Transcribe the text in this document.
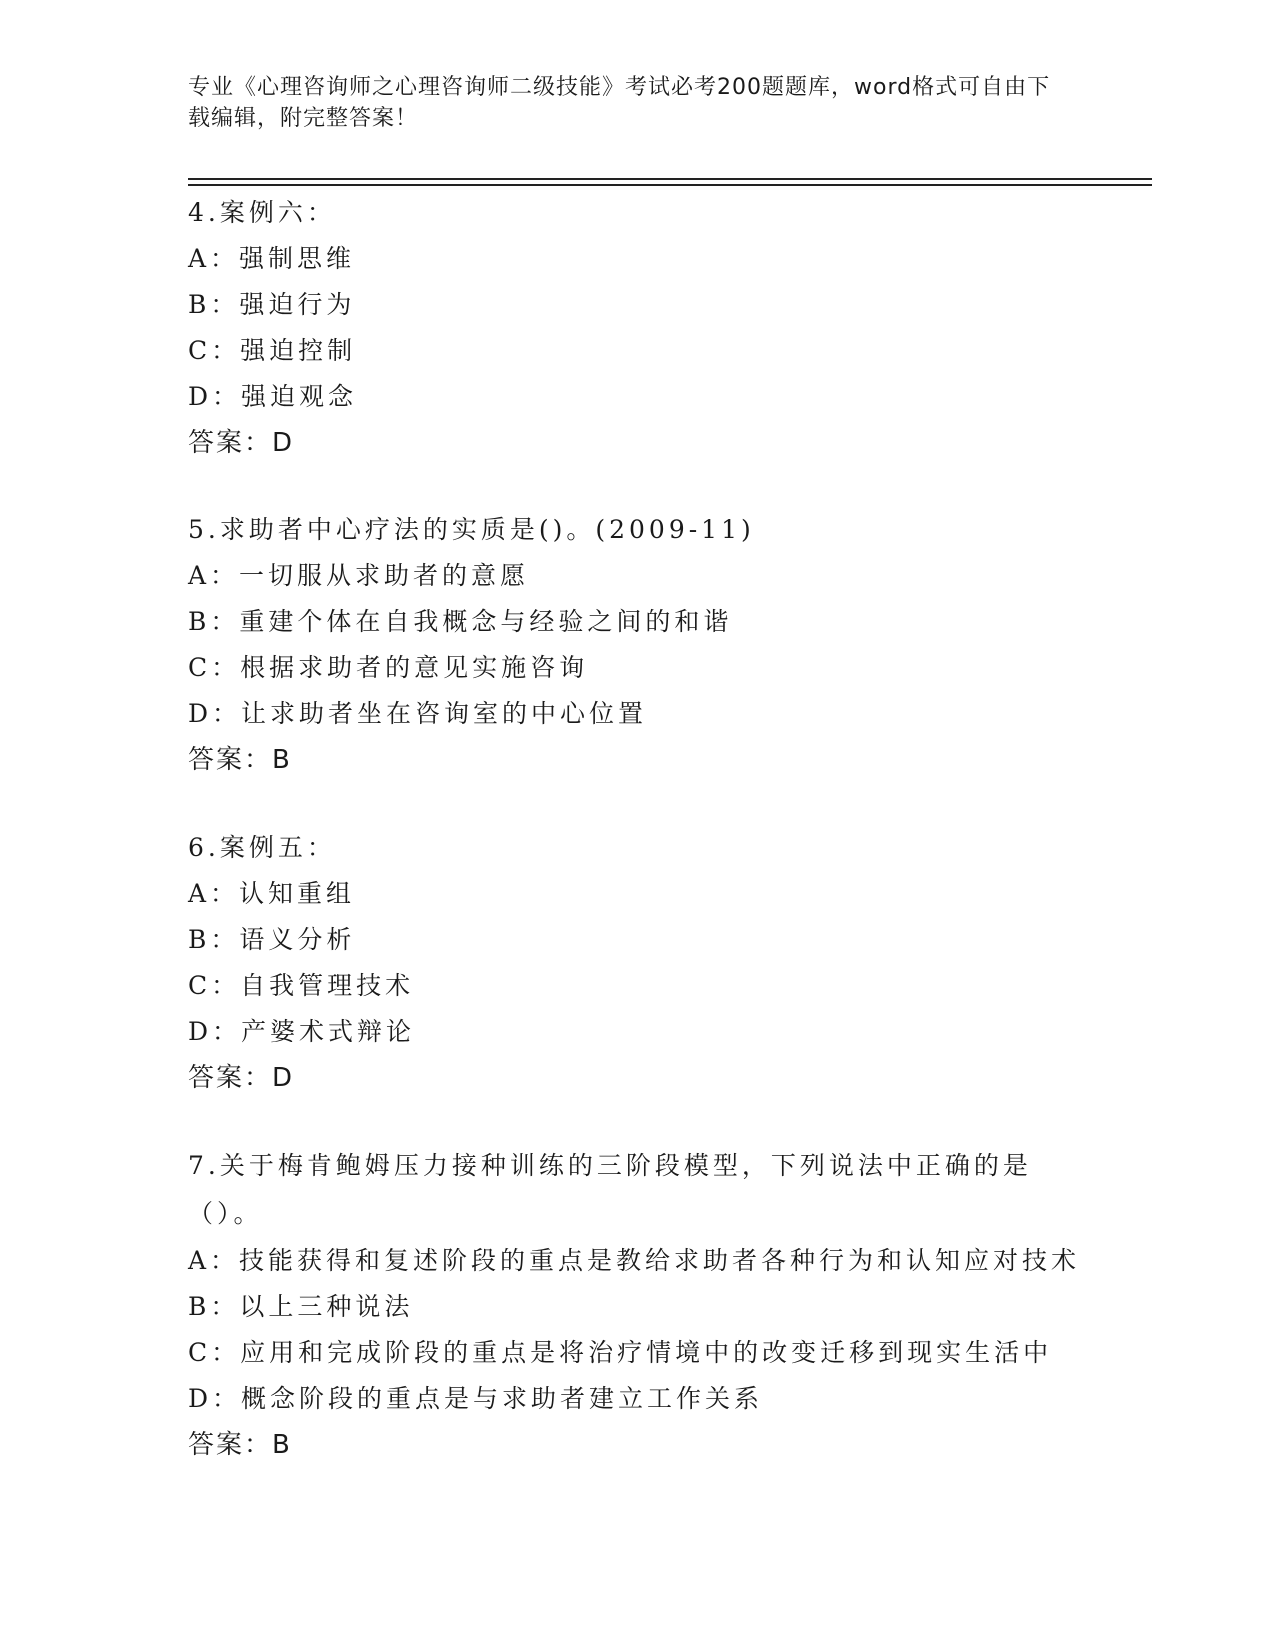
专业《心理咨询师之心理咨询师二级技能》考试必考200题题库，word格式可自由下载编辑，附完整答案！
4.案例六：
A：强制思维
B：强迫行为
C：强迫控制
D：强迫观念
答案：D
5.求助者中心疗法的实质是()。(2009-11)
A：一切服从求助者的意愿
B：重建个体在自我概念与经验之间的和谐
C：根据求助者的意见实施咨询
D：让求助者坐在咨询室的中心位置
答案：B
6.案例五：
A：认知重组
B：语义分析
C：自我管理技术
D：产婆术式辩论
答案：D
7.关于梅肯鲍姆压力接种训练的三阶段模型，下列说法中正确的是（）。
A：技能获得和复述阶段的重点是教给求助者各种行为和认知应对技术
B：以上三种说法
C：应用和完成阶段的重点是将治疗情境中的改变迁移到现实生活中
D：概念阶段的重点是与求助者建立工作关系
答案：B
